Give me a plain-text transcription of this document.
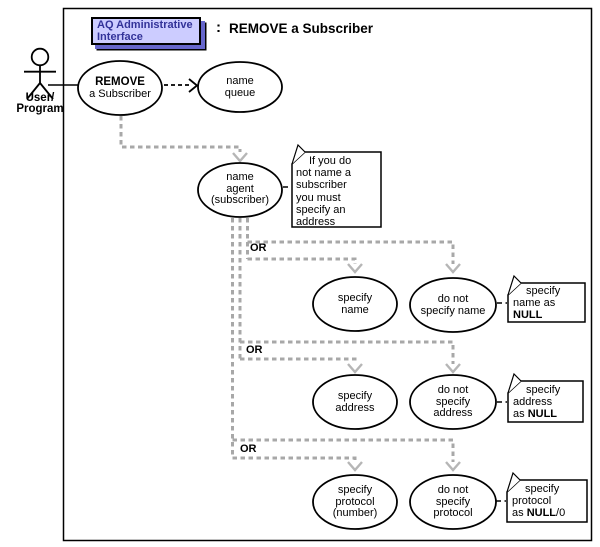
AQ Administrative
Interface
: REMOVE a Subscriber
User/
Program
REMOVE
a Subscriber
name
queue
name
agent
(subscriber)
OR
OR
OR
specify
name
do not
specify name
specify
name as
NULL
specify
address
do not
specify
address
specify
address
as NULL
specify
protocol
(number)
do not
specify
protocol
specify
protocol
as NULL/0
If you do
not name a
subscriber
you must
specify an
address
